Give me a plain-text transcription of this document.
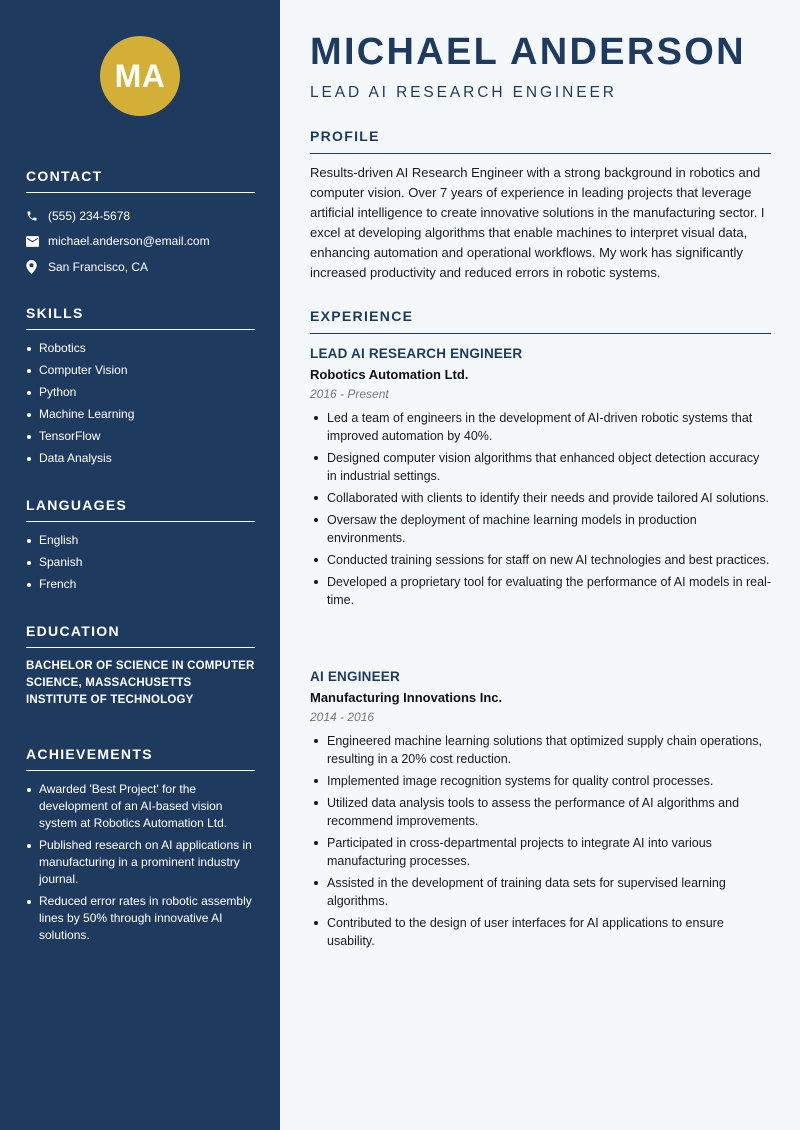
MA
CONTACT
(555) 234-5678
michael.anderson@email.com
San Francisco, CA
SKILLS
Robotics
Computer Vision
Python
Machine Learning
TensorFlow
Data Analysis
LANGUAGES
English
Spanish
French
EDUCATION
BACHELOR OF SCIENCE IN COMPUTER SCIENCE, MASSACHUSETTS INSTITUTE OF TECHNOLOGY
ACHIEVEMENTS
Awarded 'Best Project' for the development of an AI-based vision system at Robotics Automation Ltd.
Published research on AI applications in manufacturing in a prominent industry journal.
Reduced error rates in robotic assembly lines by 50% through innovative AI solutions.
MICHAEL ANDERSON
LEAD AI RESEARCH ENGINEER
PROFILE

Results-driven AI Research Engineer with a strong background in robotics and computer vision. Over 7 years of experience in leading projects that leverage artificial intelligence to create innovative solutions in the manufacturing sector. I excel at developing algorithms that enable machines to interpret visual data, enhancing automation and operational workflows. My work has significantly increased productivity and reduced errors in robotic systems.

EXPERIENCE
LEAD AI RESEARCH ENGINEER
Robotics Automation Ltd.
2016 - Present
Led a team of engineers in the development of AI-driven robotic systems that improved automation by 40%.
Designed computer vision algorithms that enhanced object detection accuracy in industrial settings.
Collaborated with clients to identify their needs and provide tailored AI solutions.
Oversaw the deployment of machine learning models in production environments.
Conducted training sessions for staff on new AI technologies and best practices.
Developed a proprietary tool for evaluating the performance of AI models in real-time.
AI ENGINEER
Manufacturing Innovations Inc.
2014 - 2016
Engineered machine learning solutions that optimized supply chain operations, resulting in a 20% cost reduction.
Implemented image recognition systems for quality control processes.
Utilized data analysis tools to assess the performance of AI algorithms and recommend improvements.
Participated in cross-departmental projects to integrate AI into various manufacturing processes.
Assisted in the development of training data sets for supervised learning algorithms.
Contributed to the design of user interfaces for AI applications to ensure usability.
